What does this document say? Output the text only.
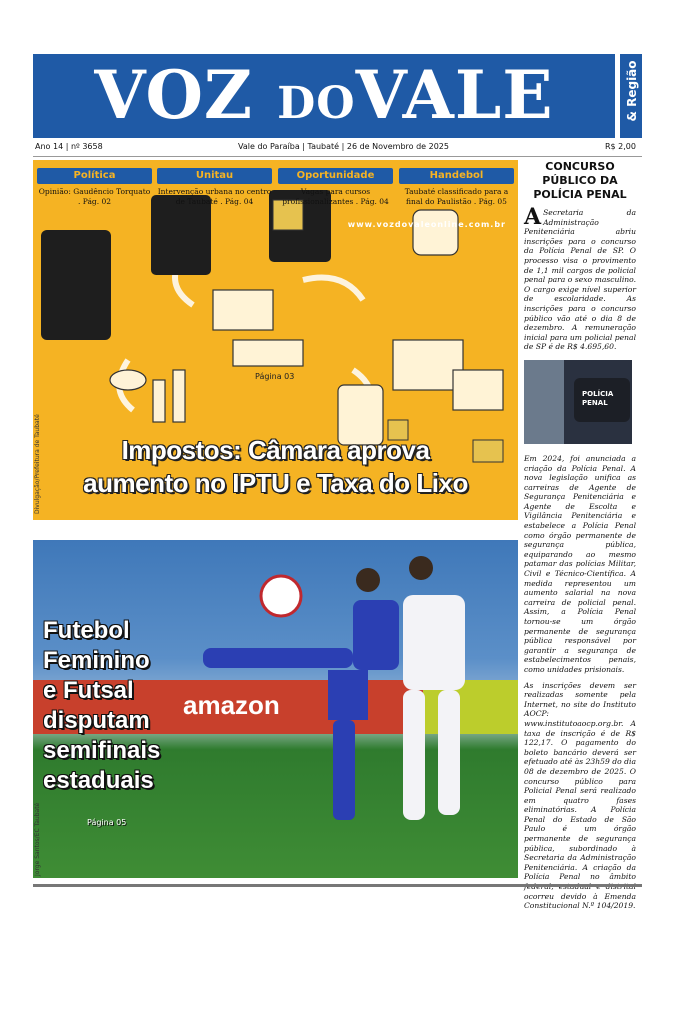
VOZ DOVALE	& Região
Ano 14 | nº 3658	Vale do Paraíba | Taubaté | 26 de Novembro de 2025	R$ 2,00
Política
Opinião: Gaudêncio Torquato . Pág. 02
Unitau
Intervenção urbana no centro de Taubaté . Pág. 04
Oportunidade
Vagas para cursos profissionalizantes . Pág. 04
Handebol
Taubaté classificado para a final do Paulistão . Pág. 05
www.vozdovaleonline.com.br
Página 03
Impostos: Câmara aprova
aumento no IPTU e Taxa do Lixo
Divulgação/Prefeitura de Taubaté
amazon
Futebol
Feminino
e Futsal
disputam
semifinais
estaduais
Página 05
Jorge Santos/EC Taubaté
CONCURSO PÚBLICO DA POLÍCIA PENAL

A Secretaria da Administração Penitenciária abriu inscrições para o concurso da Polícia Penal de SP. O processo visa o provimento de 1,1 mil cargos de policial penal para o sexo masculino. O cargo exige nível superior de escolaridade. As inscrições para o concurso público vão até o dia 8 de dezembro. A remuneração inicial para um policial penal de SP é de R$ 4.695,60.

POLÍCIA PENAL

Em 2024, foi anunciada a criação da Polícia Penal. A nova legislação unifica as carreiras de Agente de Segurança Penitenciária e Agente de Escolta e Vigilância Penitenciária e estabelece a Polícia Penal como órgão permanente de segurança pública, equiparando ao mesmo patamar das polícias Militar, Civil e Técnico-Científica. A medida representou um aumento salarial na nova carreira de policial penal. Assim, a Polícia Penal tornou-se um órgão permanente de segurança pública responsável por garantir a segurança de estabelecimentos penais, como unidades prisionais.

As inscrições devem ser realizadas somente pela Internet, no site do Instituto AOCP: www.institutoaocp.org.br. A taxa de inscrição é de R$ 122,17. O pagamento do boleto bancário deverá ser efetuado até às 23h59 do dia 08 de dezembro de 2025. O concurso público para Policial Penal será realizado em quatro fases eliminatórias. A Polícia Penal do Estado de São Paulo é um órgão permanente de segurança pública, subordinado à Secretaria da Administração Penitenciária. A criação da Polícia Penal no âmbito ocorreu devido à Emenda Constitucional N.º 104/2019.
